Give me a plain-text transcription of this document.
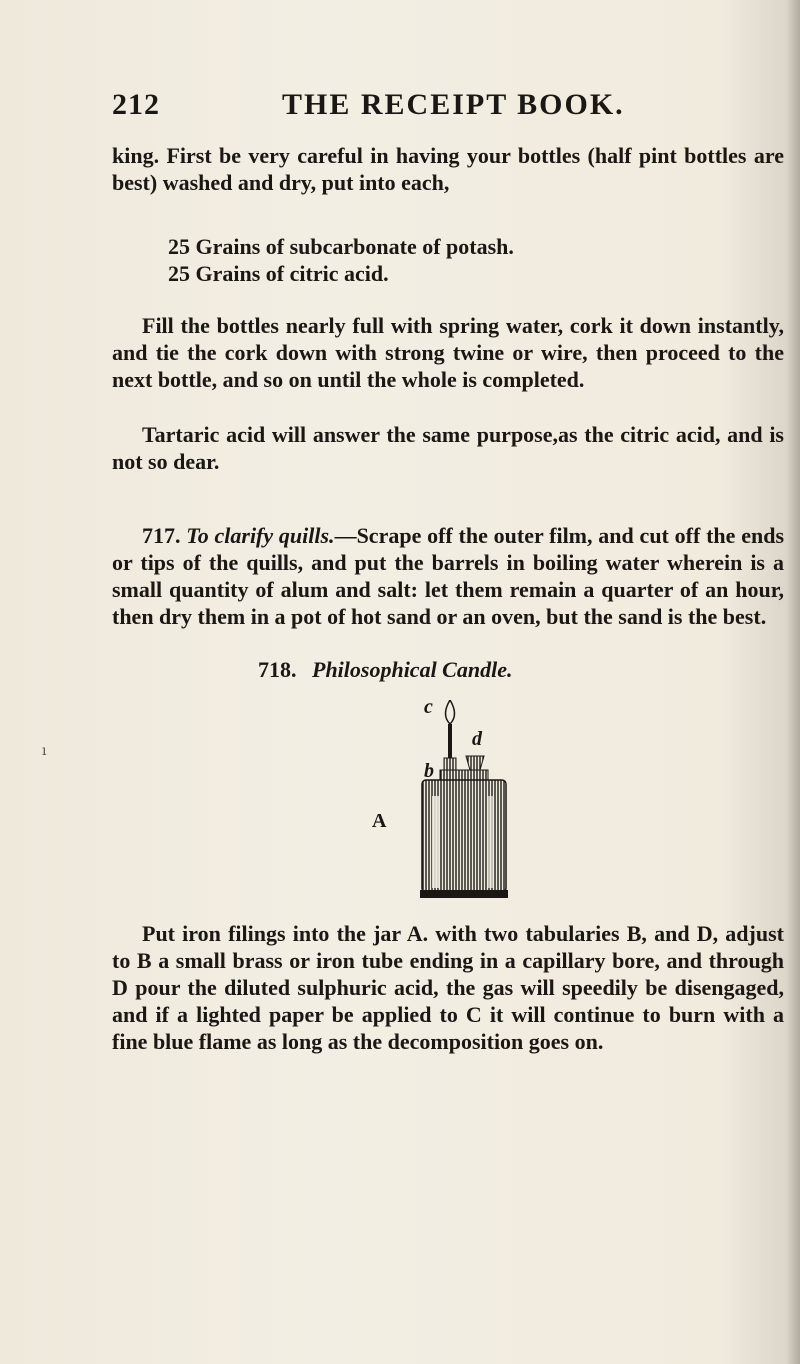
212	THE RECEIPT BOOK.

king. First be very careful in having your bottles (half pint bottles are best) washed and dry, put into each,

25 Grains of subcarbonate of potash.
25 Grains of citric acid.

Fill the bottles nearly full with spring water, cork it down instantly, and tie the cork down with strong twine or wire, then proceed to the next bottle, and so on until the whole is completed.

Tartaric acid will answer the same purpose,as the citric acid, and is not so dear.

717. To clarify quills.—Scrape off the outer film, and cut off the ends or tips of the quills, and put the barrels in boiling water wherein is a small quantity of alum and salt: let them remain a quarter of an hour, then dry them in a pot of hot sand or an oven, but the sand is the best.

718. Philosophical Candle.
ı
c
d
b
A

Put iron filings into the jar A. with two tabularies B, and D, adjust to B a small brass or iron tube ending in a capillary bore, and through D pour the diluted sulphuric acid, the gas will speedily be disengaged, and if a lighted paper be applied to C it will continue to burn with a fine blue flame as long as the decomposition goes on.
